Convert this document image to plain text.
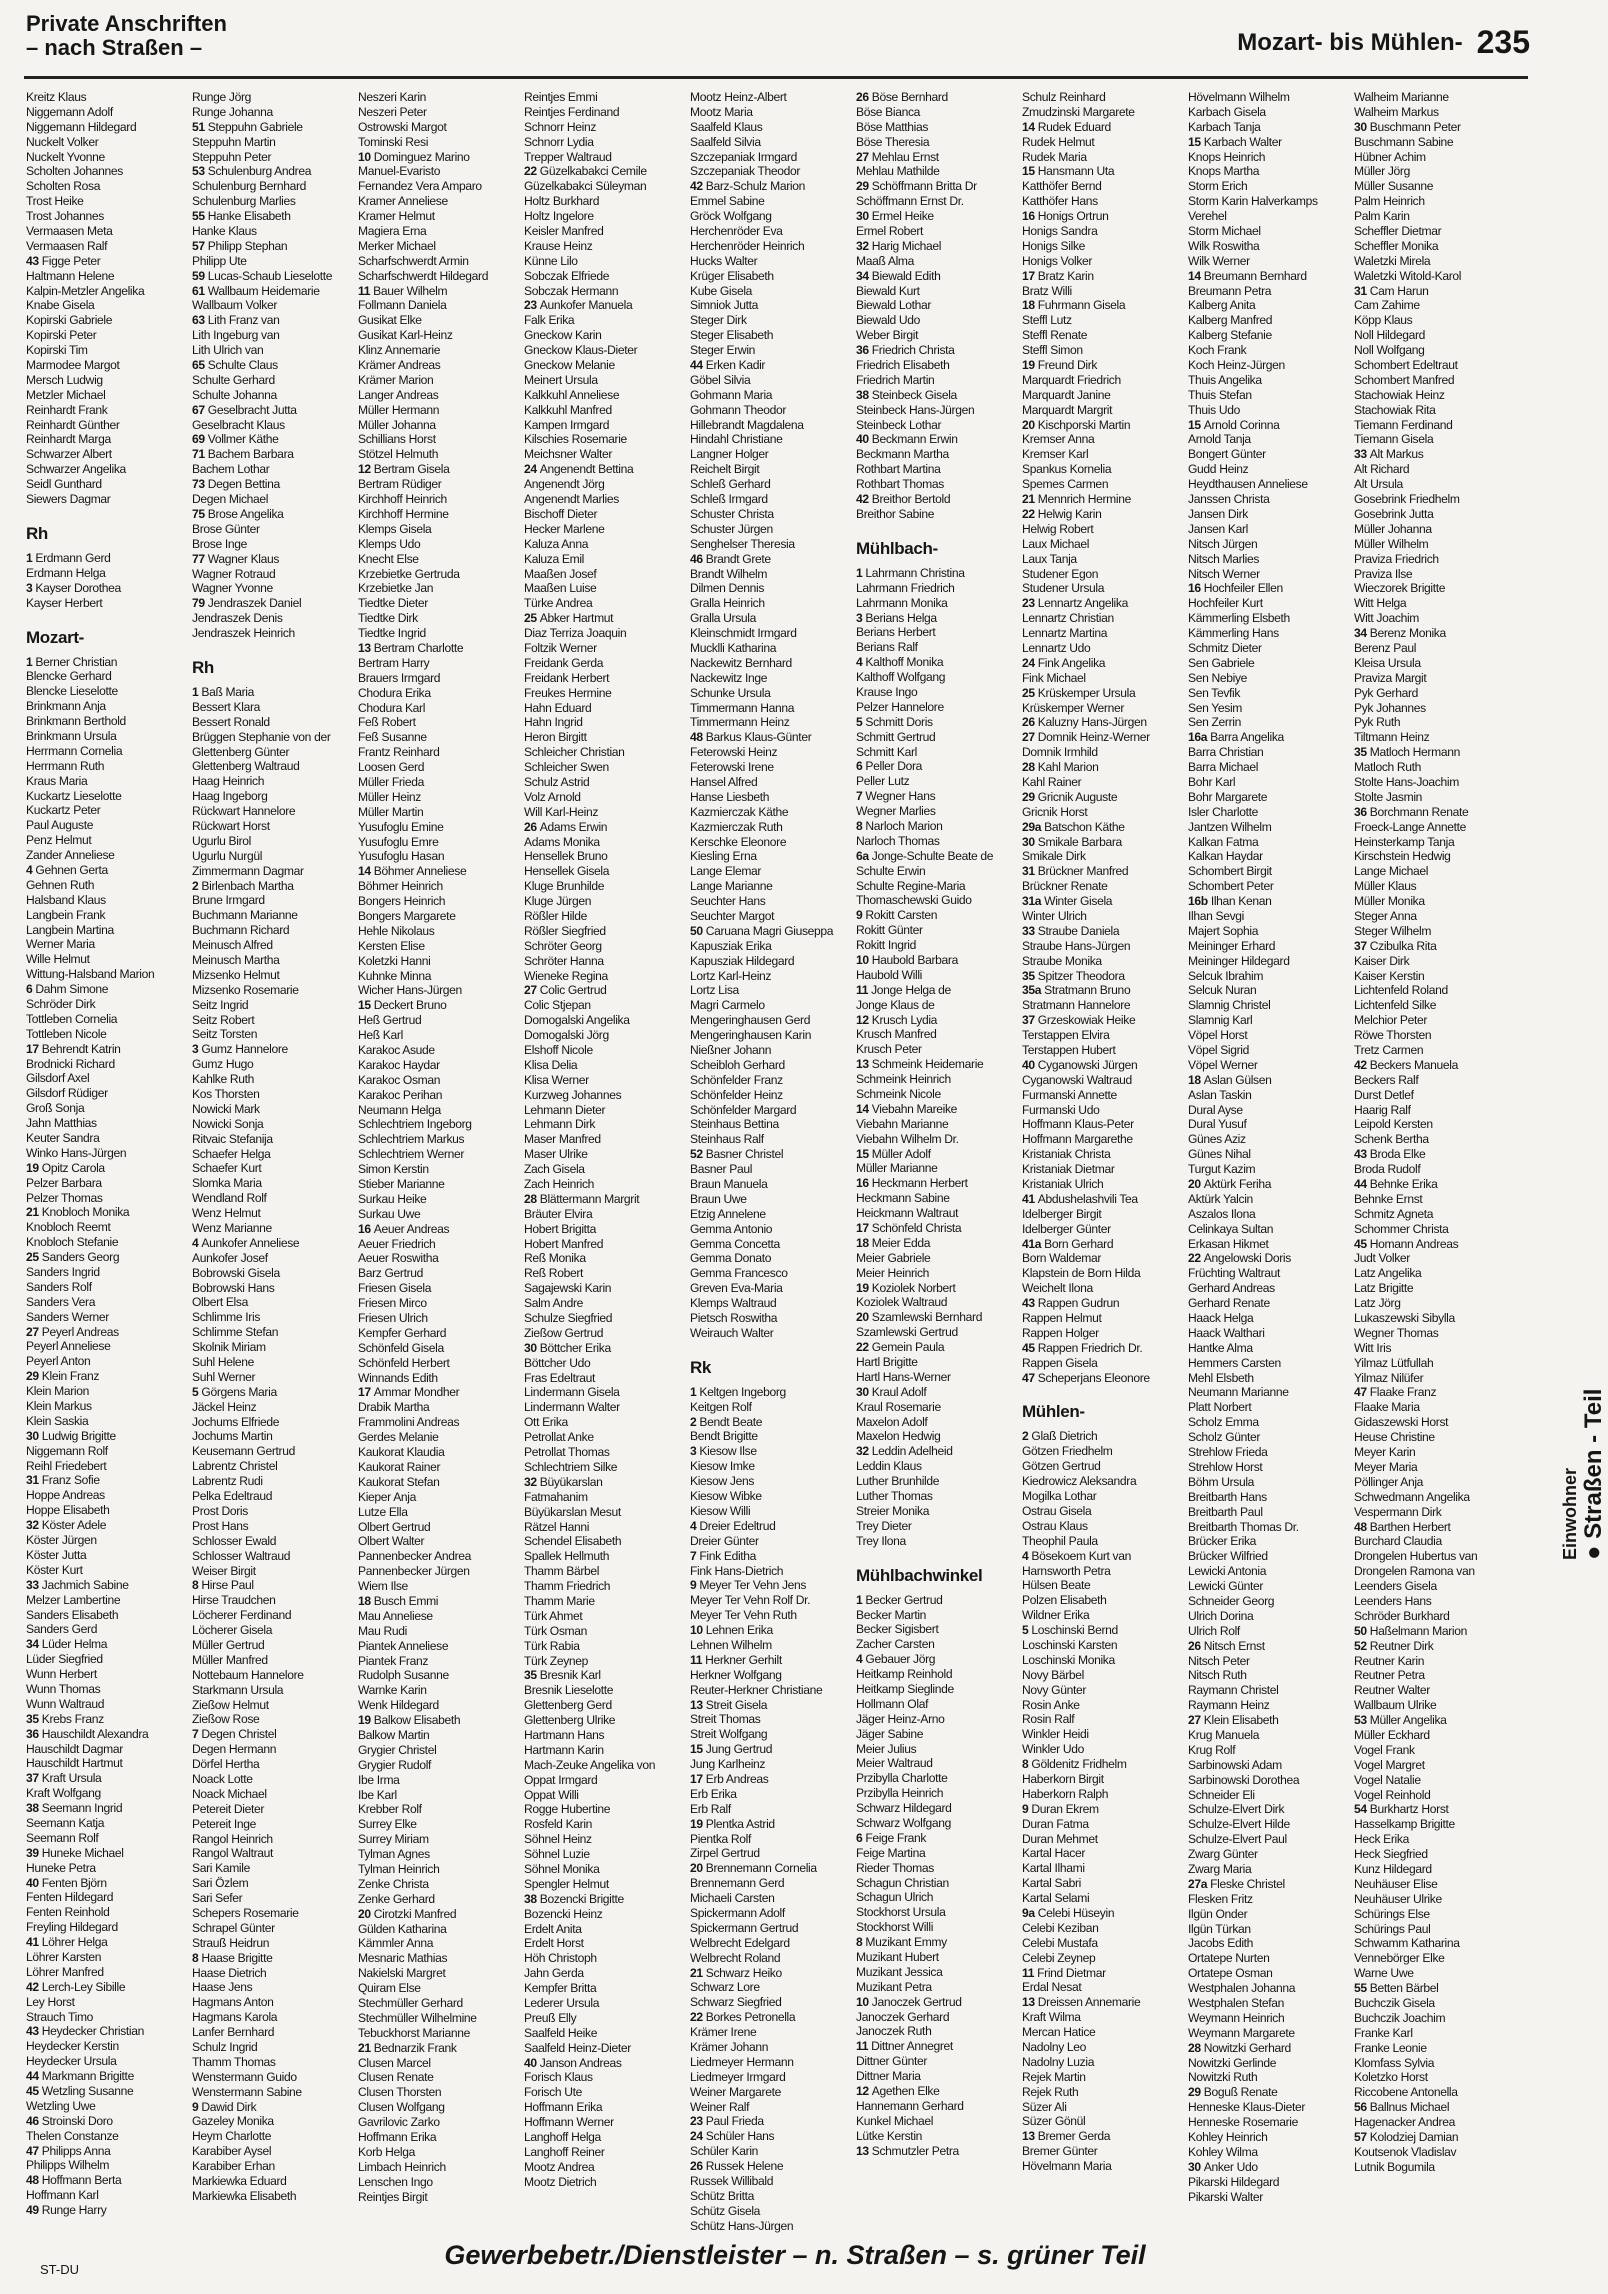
Private Anschriften
– nach Straßen –	Mozart- bis Mühlen- 235
Kreitz Klaus
Niggemann Adolf
Niggemann Hildegard
Nuckelt Volker
Nuckelt Yvonne
Scholten Johannes
Scholten Rosa
Trost Heike
Trost Johannes
Vermaasen Meta
Vermaasen Ralf
43 Figge Peter
Haltmann Helene
Kalpin-Metzler Angelika
Knabe Gisela
Kopirski Gabriele
Kopirski Peter
Kopirski Tim
Marmodee Margot
Mersch Ludwig
Metzler Michael
Reinhardt Frank
Reinhardt Günther
Reinhardt Marga
Schwarzer Albert
Schwarzer Angelika
Seidl Gunthard
Siewers Dagmar
Rh
1 Erdmann Gerd
Erdmann Helga
3 Kayser Dorothea
Kayser Herbert
Mozart-
1 Berner Christian
Blencke Gerhard
Blencke Lieselotte
Brinkmann Anja
Brinkmann Berthold
Brinkmann Ursula
Herrmann Cornelia
Herrmann Ruth
Kraus Maria
Kuckartz Lieselotte
Kuckartz Peter
Paul Auguste
Penz Helmut
Zander Anneliese
4 Gehnen Gerta
Gehnen Ruth
Halsband Klaus
Langbein Frank
Langbein Martina
Werner Maria
Wille Helmut
Wittung-Halsband Marion
6 Dahm Simone
Schröder Dirk
Tottleben Cornelia
Tottleben Nicole
17 Behrendt Katrin
Brodnicki Richard
Gilsdorf Axel
Gilsdorf Rüdiger
Groß Sonja
Jahn Matthias
Keuter Sandra
Winko Hans-Jürgen
19 Opitz Carola
Pelzer Barbara
Pelzer Thomas
21 Knobloch Monika
Knobloch Reemt
Knobloch Stefanie
25 Sanders Georg
Sanders Ingrid
Sanders Rolf
Sanders Vera
Sanders Werner
27 Peyerl Andreas
Peyerl Anneliese
Peyerl Anton
29 Klein Franz
Klein Marion
Klein Markus
Klein Saskia
30 Ludwig Brigitte
Niggemann Rolf
Reihl Friedebert
31 Franz Sofie
Hoppe Andreas
Hoppe Elisabeth
32 Köster Adele
Köster Jürgen
Köster Jutta
Köster Kurt
33 Jachmich Sabine
Melzer Lambertine
Sanders Elisabeth
Sanders Gerd
34 Lüder Helma
Lüder Siegfried
Wunn Herbert
Wunn Thomas
Wunn Waltraud
35 Krebs Franz
36 Hauschildt Alexandra
Hauschildt Dagmar
Hauschildt Hartmut
37 Kraft Ursula
Kraft Wolfgang
38 Seemann Ingrid
Seemann Katja
Seemann Rolf
39 Huneke Michael
Huneke Petra
40 Fenten Björn
Fenten Hildegard
Fenten Reinhold
Freyling Hildegard
41 Löhrer Helga
Löhrer Karsten
Löhrer Manfred
42 Lerch-Ley Sibille
Ley Horst
Strauch Timo
43 Heydecker Christian
Heydecker Kerstin
Heydecker Ursula
44 Markmann Brigitte
45 Wetzling Susanne
Wetzling Uwe
46 Stroinski Doro
Thelen Constanze
47 Philipps Anna
Philipps Wilhelm
48 Hoffmann Berta
Hoffmann Karl
49 Runge Harry
Runge Jörg
Runge Johanna
51 Steppuhn Gabriele
Steppuhn Martin
Steppuhn Peter
53 Schulenburg Andrea
Schulenburg Bernhard
Schulenburg Marlies
55 Hanke Elisabeth
Hanke Klaus
57 Philipp Stephan
Philipp Ute
59 Lucas-Schaub Lieselotte
61 Wallbaum Heidemarie
Wallbaum Volker
63 Lith Franz van
Lith Ingeburg van
Lith Ulrich van
65 Schulte Claus
Schulte Gerhard
Schulte Johanna
67 Geselbracht Jutta
Geselbracht Klaus
69 Vollmer Käthe
71 Bachem Barbara
Bachem Lothar
73 Degen Bettina
Degen Michael
75 Brose Angelika
Brose Günter
Brose Inge
77 Wagner Klaus
Wagner Rotraud
Wagner Yvonne
79 Jendraszek Daniel
Jendraszek Denis
Jendraszek Heinrich
Rh
1 Baß Maria
Bessert Klara
Bessert Ronald
Brüggen Stephanie von der
Glettenberg Günter
Glettenberg Waltraud
Haag Heinrich
Haag Ingeborg
Rückwart Hannelore
Rückwart Horst
Ugurlu Birol
Ugurlu Nurgül
Zimmermann Dagmar
2 Birlenbach Martha
Brune Irmgard
Buchmann Marianne
Buchmann Richard
Meinusch Alfred
Meinusch Martha
Mizsenko Helmut
Mizsenko Rosemarie
Seitz Ingrid
Seitz Robert
Seitz Torsten
3 Gumz Hannelore
Gumz Hugo
Kahlke Ruth
Kos Thorsten
Nowicki Mark
Nowicki Sonja
Ritvaic Stefanija
Schaefer Helga
Schaefer Kurt
Slomka Maria
Wendland Rolf
Wenz Helmut
Wenz Marianne
4 Aunkofer Anneliese
Aunkofer Josef
Bobrowski Gisela
Bobrowski Hans
Olbert Elsa
Schlimme Iris
Schlimme Stefan
Skolnik Miriam
Suhl Helene
Suhl Werner
5 Görgens Maria
Jäckel Heinz
Jochums Elfriede
Jochums Martin
Keusemann Gertrud
Labrentz Christel
Labrentz Rudi
Pelka Edeltraud
Prost Doris
Prost Hans
Schlosser Ewald
Schlosser Waltraud
Weiser Birgit
8 Hirse Paul
Hirse Traudchen
Löcherer Ferdinand
Löcherer Gisela
Müller Gertrud
Müller Manfred
Nottebaum Hannelore
Starkmann Ursula
Zießow Helmut
Zießow Rose
7 Degen Christel
Degen Hermann
Dörfel Hertha
Noack Lotte
Noack Michael
Petereit Dieter
Petereit Inge
Rangol Heinrich
Rangol Waltraut
Sari Kamile
Sari Özlem
Sari Sefer
Schepers Rosemarie
Schrapel Günter
Strauß Heidrun
8 Haase Brigitte
Haase Dietrich
Haase Jens
Hagmans Anton
Hagmans Karola
Lanfer Bernhard
Schulz Ingrid
Thamm Thomas
Wenstermann Guido
Wenstermann Sabine
9 Dawid Dirk
Gazeley Monika
Heym Charlotte
Karabiber Aysel
Karabiber Erhan
Markiewka Eduard
Markiewka Elisabeth
Neszeri Karin
Neszeri Peter
Ostrowski Margot
Tominski Resi
10 Dominguez Marino
Manuel-Evaristo
Fernandez Vera Amparo
Kramer Anneliese
Kramer Helmut
Magiera Erna
Merker Michael
Scharfschwerdt Armin
Scharfschwerdt Hildegard
11 Bauer Wilhelm
Follmann Daniela
Gusikat Elke
Gusikat Karl-Heinz
Klinz Annemarie
Krämer Andreas
Krämer Marion
Langer Andreas
Müller Hermann
Müller Johanna
Schillians Horst
Stötzel Helmuth
12 Bertram Gisela
Bertram Rüdiger
Kirchhoff Heinrich
Kirchhoff Hermine
Klemps Gisela
Klemps Udo
Knecht Else
Krzebietke Gertruda
Krzebietke Jan
Tiedtke Dieter
Tiedtke Dirk
Tiedtke Ingrid
13 Bertram Charlotte
Bertram Harry
Brauers Irmgard
Chodura Erika
Chodura Karl
Feß Robert
Feß Susanne
Frantz Reinhard
Loosen Gerd
Müller Frieda
Müller Heinz
Müller Martin
Yusufoglu Emine
Yusufoglu Emre
Yusufoglu Hasan
14 Böhmer Anneliese
Böhmer Heinrich
Bongers Heinrich
Bongers Margarete
Hehle Nikolaus
Kersten Elise
Koletzki Hanni
Kuhnke Minna
Wicher Hans-Jürgen
15 Deckert Bruno
Heß Gertrud
Heß Karl
Karakoc Asude
Karakoc Haydar
Karakoc Osman
Karakoc Perihan
Neumann Helga
Schlechtriem Ingeborg
Schlechtriem Markus
Schlechtriem Werner
Simon Kerstin
Stieber Marianne
Surkau Heike
Surkau Uwe
16 Aeuer Andreas
Aeuer Friedrich
Aeuer Roswitha
Barz Gertrud
Friesen Gisela
Friesen Mirco
Friesen Ulrich
Kempfer Gerhard
Schönfeld Gisela
Schönfeld Herbert
Winnands Edith
17 Ammar Mondher
Drabik Martha
Frammolini Andreas
Gerdes Melanie
Kaukorat Klaudia
Kaukorat Rainer
Kaukorat Stefan
Kieper Anja
Lutze Ella
Olbert Gertrud
Olbert Walter
Pannenbecker Andrea
Pannenbecker Jürgen
Wiem Ilse
18 Busch Emmi
Mau Anneliese
Mau Rudi
Piantek Anneliese
Piantek Franz
Rudolph Susanne
Warnke Karin
Wenk Hildegard
19 Balkow Elisabeth
Balkow Martin
Grygier Christel
Grygier Rudolf
Ibe Irma
Ibe Karl
Krebber Rolf
Surrey Elke
Surrey Miriam
Tylman Agnes
Tylman Heinrich
Zenke Christa
Zenke Gerhard
20 Cirotzki Manfred
Gülden Katharina
Kämmler Anna
Mesnaric Mathias
Nakielski Margret
Quiram Else
Stechmüller Gerhard
Stechmüller Wilhelmine
Tebuckhorst Marianne
21 Bednarzik Frank
Clusen Marcel
Clusen Renate
Clusen Thorsten
Clusen Wolfgang
Gavrilovic Zarko
Hoffmann Erika
Korb Helga
Limbach Heinrich
Lenschen Ingo
Reintjes Birgit
Reintjes Emmi
Reintjes Ferdinand
Schnorr Heinz
Schnorr Lydia
Trepper Waltraud
22 Güzelkabakci Cemile
Güzelkabakci Süleyman
Holtz Burkhard
Holtz Ingelore
Keisler Manfred
Krause Heinz
Künne Lilo
Sobczak Elfriede
Sobczak Hermann
23 Aunkofer Manuela
Falk Erika
Gneckow Karin
Gneckow Klaus-Dieter
Gneckow Melanie
Meinert Ursula
Kalkkuhl Anneliese
Kalkkuhl Manfred
Kampen Irmgard
Kilschies Rosemarie
Meichsner Walter
24 Angenendt Bettina
Angenendt Jörg
Angenendt Marlies
Bischoff Dieter
Hecker Marlene
Kaluza Anna
Kaluza Emil
Maaßen Josef
Maaßen Luise
Türke Andrea
25 Abker Hartmut
Diaz Terriza Joaquin
Foltzik Werner
Freidank Gerda
Freidank Herbert
Freukes Hermine
Hahn Eduard
Hahn Ingrid
Heron Birgitt
Schleicher Christian
Schleicher Swen
Schulz Astrid
Volz Arnold
Will Karl-Heinz
26 Adams Erwin
Adams Monika
Hensellek Bruno
Hensellek Gisela
Kluge Brunhilde
Kluge Jürgen
Rößler Hilde
Rößler Siegfried
Schröter Georg
Schröter Hanna
Wieneke Regina
27 Colic Gertrud
Colic Stjepan
Domogalski Angelika
Domogalski Jörg
Elshoff Nicole
Klisa Delia
Klisa Werner
Kurzweg Johannes
Lehmann Dieter
Lehmann Dirk
Maser Manfred
Maser Ulrike
Zach Gisela
Zach Heinrich
28 Blättermann Margrit
Bräuter Elvira
Hobert Brigitta
Hobert Manfred
Reß Monika
Reß Robert
Sagajewski Karin
Salm Andre
Schulze Siegfried
Zießow Gertrud
30 Böttcher Erika
Böttcher Udo
Fras Edeltraut
Lindermann Gisela
Lindermann Walter
Ott Erika
Petrollat Anke
Petrollat Thomas
Schlechtriem Silke
32 Büyükarslan
Fatmahanim
Büyükarslan Mesut
Rätzel Hanni
Schendel Elisabeth
Spallek Hellmuth
Thamm Bärbel
Thamm Friedrich
Thamm Marie
Türk Ahmet
Türk Osman
Türk Rabia
Türk Zeynep
35 Bresnik Karl
Bresnik Lieselotte
Glettenberg Gerd
Glettenberg Ulrike
Hartmann Hans
Hartmann Karin
Mach-Zeuke Angelika von
Oppat Irmgard
Oppat Willi
Rogge Hubertine
Rosfeld Karin
Söhnel Heinz
Söhnel Luzie
Söhnel Monika
Spengler Helmut
38 Bozencki Brigitte
Bozencki Heinz
Erdelt Anita
Erdelt Horst
Höh Christoph
Jahn Gerda
Kempfer Britta
Lederer Ursula
Preuß Elly
Saalfeld Heike
Saalfeld Heinz-Dieter
40 Janson Andreas
Forisch Klaus
Forisch Ute
Hoffmann Erika
Hoffmann Werner
Langhoff Helga
Langhoff Reiner
Mootz Andrea
Mootz Dietrich
Mootz Heinz-Albert
Mootz Maria
Saalfeld Klaus
Saalfeld Silvia
Szczepaniak Irmgard
Szczepaniak Theodor
42 Barz-Schulz Marion
Emmel Sabine
Gröck Wolfgang
Herchenröder Eva
Herchenröder Heinrich
Hucks Walter
Krüger Elisabeth
Kube Gisela
Simniok Jutta
Steger Dirk
Steger Elisabeth
Steger Erwin
44 Erken Kadir
Göbel Silvia
Gohmann Maria
Gohmann Theodor
Hillebrandt Magdalena
Hindahl Christiane
Langner Holger
Reichelt Birgit
Schleß Gerhard
Schleß Irmgard
Schuster Christa
Schuster Jürgen
Senghelser Theresia
46 Brandt Grete
Brandt Wilhelm
Dilmen Dennis
Gralla Heinrich
Gralla Ursula
Kleinschmidt Irmgard
Mucklli Katharina
Nackewitz Bernhard
Nackewitz Inge
Schunke Ursula
Timmermann Hanna
Timmermann Heinz
48 Barkus Klaus-Günter
Feterowski Heinz
Feterowski Irene
Hansel Alfred
Hanse Liesbeth
Kazmierczak Käthe
Kazmierczak Ruth
Kerschke Eleonore
Kiesling Erna
Lange Elemar
Lange Marianne
Seuchter Hans
Seuchter Margot
50 Caruana Magri Giuseppa
Kapusziak Erika
Kapusziak Hildegard
Lortz Karl-Heinz
Lortz Lisa
Magri Carmelo
Mengeringhausen Gerd
Mengeringhausen Karin
Nießner Johann
Scheibloh Gerhard
Schönfelder Franz
Schönfelder Heinz
Schönfelder Margard
Steinhaus Bettina
Steinhaus Ralf
52 Basner Christel
Basner Paul
Braun Manuela
Braun Uwe
Etzig Annelene
Gemma Antonio
Gemma Concetta
Gemma Donato
Gemma Francesco
Greven Eva-Maria
Klemps Waltraud
Pietsch Roswitha
Weirauch Walter
Rk
1 Keltgen Ingeborg
Keitgen Rolf
2 Bendt Beate
Bendt Brigitte
3 Kiesow Ilse
Kiesow Imke
Kiesow Jens
Kiesow Wibke
Kiesow Willi
4 Dreier Edeltrud
Dreier Günter
7 Fink Editha
Fink Hans-Dietrich
9 Meyer Ter Vehn Jens
Meyer Ter Vehn Rolf Dr.
Meyer Ter Vehn Ruth
10 Lehnen Erika
Lehnen Wilhelm
11 Herkner Gerhilt
Herkner Wolfgang
Reuter-Herkner Christiane
13 Streit Gisela
Streit Thomas
Streit Wolfgang
15 Jung Gertrud
Jung Karlheinz
17 Erb Andreas
Erb Erika
Erb Ralf
19 Plentka Astrid
Pientka Rolf
Zirpel Gertrud
20 Brennemann Cornelia
Brennemann Gerd
Michaeli Carsten
Spickermann Adolf
Spickermann Gertrud
Welbrecht Edelgard
Welbrecht Roland
21 Schwarz Heiko
Schwarz Lore
Schwarz Siegfried
22 Borkes Petronella
Krämer Irene
Krämer Johann
Liedmeyer Hermann
Liedmeyer Irmgard
Weiner Margarete
Weiner Ralf
23 Paul Frieda
24 Schüler Hans
Schüler Karin
26 Russek Helene
Russek Willibald
Schütz Britta
Schütz Gisela
Schütz Hans-Jürgen
26 Böse Bernhard
Böse Bianca
Böse Matthias
Böse Theresia
27 Mehlau Ernst
Mehlau Mathilde
29 Schöffmann Britta Dr
Schöffmann Ernst Dr.
30 Ermel Heike
Ermel Robert
32 Harig Michael
Maaß Alma
34 Biewald Edith
Biewald Kurt
Biewald Lothar
Biewald Udo
Weber Birgit
36 Friedrich Christa
Friedrich Elisabeth
Friedrich Martin
38 Steinbeck Gisela
Steinbeck Hans-Jürgen
Steinbeck Lothar
40 Beckmann Erwin
Beckmann Martha
Rothbart Martina
Rothbart Thomas
42 Breithor Bertold
Breithor Sabine
Mühlbach-
1 Lahrmann Christina
Lahrmann Friedrich
Lahrmann Monika
3 Berians Helga
Berians Herbert
Berians Ralf
4 Kalthoff Monika
Kalthoff Wolfgang
Krause Ingo
Pelzer Hannelore
5 Schmitt Doris
Schmitt Gertrud
Schmitt Karl
6 Peller Dora
Peller Lutz
7 Wegner Hans
Wegner Marlies
8 Narloch Marion
Narloch Thomas
6a Jonge-Schulte Beate de
Schulte Erwin
Schulte Regine-Maria
Thomaschewski Guido
9 Rokitt Carsten
Rokitt Günter
Rokitt Ingrid
10 Haubold Barbara
Haubold Willi
11 Jonge Helga de
Jonge Klaus de
12 Krusch Lydia
Krusch Manfred
Krusch Peter
13 Schmeink Heidemarie
Schmeink Heinrich
Schmeink Nicole
14 Viebahn Mareike
Viebahn Marianne
Viebahn Wilhelm Dr.
15 Müller Adolf
Müller Marianne
16 Heckmann Herbert
Heckmann Sabine
Heickmann Waltraut
17 Schönfeld Christa
18 Meier Edda
Meier Gabriele
Meier Heinrich
19 Koziolek Norbert
Koziolek Waltraud
20 Szamlewski Bernhard
Szamlewski Gertrud
22 Gemein Paula
Hartl Brigitte
Hartl Hans-Werner
30 Kraul Adolf
Kraul Rosemarie
Maxelon Adolf
Maxelon Hedwig
32 Leddin Adelheid
Leddin Klaus
Luther Brunhilde
Luther Thomas
Streier Monika
Trey Dieter
Trey Ilona
Mühlbachwinkel
1 Becker Gertrud
Becker Martin
Becker Sigisbert
Zacher Carsten
4 Gebauer Jörg
Heitkamp Reinhold
Heitkamp Sieglinde
Hollmann Olaf
Jäger Heinz-Arno
Jäger Sabine
Meier Julius
Meier Waltraud
Przibylla Charlotte
Przibylla Heinrich
Schwarz Hildegard
Schwarz Wolfgang
6 Feige Frank
Feige Martina
Rieder Thomas
Schagun Christian
Schagun Ulrich
Stockhorst Ursula
Stockhorst Willi
8 Muzikant Emmy
Muzikant Hubert
Muzikant Jessica
Muzikant Petra
10 Janoczek Gertrud
Janoczek Gerhard
Janoczek Ruth
11 Dittner Annegret
Dittner Günter
Dittner Maria
12 Agethen Elke
Hannemann Gerhard
Kunkel Michael
Lütke Kerstin
13 Schmutzler Petra
Schulz Reinhard
Zmudzinski Margarete
14 Rudek Eduard
Rudek Helmut
Rudek Maria
15 Hansmann Uta
Katthöfer Bernd
Katthöfer Hans
16 Honigs Ortrun
Honigs Sandra
Honigs Silke
Honigs Volker
17 Bratz Karin
Bratz Willi
18 Fuhrmann Gisela
Steffl Lutz
Steffl Renate
Steffl Simon
19 Freund Dirk
Marquardt Friedrich
Marquardt Janine
Marquardt Margrit
20 Kischporski Martin
Kremser Anna
Kremser Karl
Spankus Kornelia
Spemes Carmen
21 Mennrich Hermine
22 Helwig Karin
Helwig Robert
Laux Michael
Laux Tanja
Studener Egon
Studener Ursula
23 Lennartz Angelika
Lennartz Christian
Lennartz Martina
Lennartz Udo
24 Fink Angelika
Fink Michael
25 Krüskemper Ursula
Krüskemper Werner
26 Kaluzny Hans-Jürgen
27 Domnik Heinz-Werner
Domnik Irmhild
28 Kahl Marion
Kahl Rainer
29 Gricnik Auguste
Gricnik Horst
29a Batschon Käthe
30 Smikale Barbara
Smikale Dirk
31 Brückner Manfred
Brückner Renate
31a Winter Gisela
Winter Ulrich
33 Straube Daniela
Straube Hans-Jürgen
Straube Monika
35 Spitzer Theodora
35a Stratmann Bruno
Stratmann Hannelore
37 Grzeskowiak Heike
Terstappen Elvira
Terstappen Hubert
40 Cyganowski Jürgen
Cyganowski Waltraud
Furmanski Annette
Furmanski Udo
Hoffmann Klaus-Peter
Hoffmann Margarethe
Kristaniak Christa
Kristaniak Dietmar
Kristaniak Ulrich
41 Abdushelashvili Tea
Idelberger Birgit
Idelberger Günter
41a Born Gerhard
Born Waldemar
Klapstein de Born Hilda
Weichelt Ilona
43 Rappen Gudrun
Rappen Helmut
Rappen Holger
45 Rappen Friedrich Dr.
Rappen Gisela
47 Scheperjans Eleonore
Mühlen-
2 Glaß Dietrich
Götzen Friedhelm
Götzen Gertrud
Kiedrowicz Aleksandra
Mogilka Lothar
Ostrau Gisela
Ostrau Klaus
Theophil Paula
4 Bösekoem Kurt van
Harnsworth Petra
Hülsen Beate
Polzen Elisabeth
Wildner Erika
5 Loschinski Bernd
Loschinski Karsten
Loschinski Monika
Novy Bärbel
Novy Günter
Rosin Anke
Rosin Ralf
Winkler Heidi
Winkler Udo
8 Göldenitz Fridhelm
Haberkorn Birgit
Haberkorn Ralph
9 Duran Ekrem
Duran Fatma
Duran Mehmet
Kartal Hacer
Kartal Ilhami
Kartal Sabri
Kartal Selami
9a Celebi Hüseyin
Celebi Keziban
Celebi Mustafa
Celebi Zeynep
11 Frind Dietmar
Erdal Nesat
13 Dreissen Annemarie
Kraft Wilma
Mercan Hatice
Nadolny Leo
Nadolny Luzia
Rejek Martin
Rejek Ruth
Süzer Ali
Süzer Gönül
13 Bremer Gerda
Bremer Günter
Hövelmann Maria
Hövelmann Wilhelm
Karbach Gisela
Karbach Tanja
15 Karbach Walter
Knops Heinrich
Knops Martha
Storm Erich
Storm Karin Halverkamps
Verehel
Storm Michael
Wilk Roswitha
Wilk Werner
14 Breumann Bernhard
Breumann Petra
Kalberg Anita
Kalberg Manfred
Kalberg Stefanie
Koch Frank
Koch Heinz-Jürgen
Thuis Angelika
Thuis Stefan
Thuis Udo
15 Arnold Corinna
Arnold Tanja
Bongert Günter
Gudd Heinz
Heydthausen Anneliese
Janssen Christa
Jansen Dirk
Jansen Karl
Nitsch Jürgen
Nitsch Marlies
Nitsch Werner
16 Hochfeiler Ellen
Hochfeiler Kurt
Kämmerling Elsbeth
Kämmerling Hans
Schmitz Dieter
Sen Gabriele
Sen Nebiye
Sen Tevfik
Sen Yesim
Sen Zerrin
16a Barra Angelika
Barra Christian
Barra Michael
Bohr Karl
Bohr Margarete
Isler Charlotte
Jantzen Wilhelm
Kalkan Fatma
Kalkan Haydar
Schombert Birgit
Schombert Peter
16b Ilhan Kenan
Ilhan Sevgi
Majert Sophia
Meininger Erhard
Meininger Hildegard
Selcuk Ibrahim
Selcuk Nuran
Slamnig Christel
Slamnig Karl
Vöpel Horst
Vöpel Sigrid
Vöpel Werner
18 Aslan Gülsen
Aslan Taskin
Dural Ayse
Dural Yusuf
Günes Aziz
Günes Nihal
Turgut Kazim
20 Aktürk Feriha
Aktürk Yalcin
Aszalos Ilona
Celinkaya Sultan
Erkasan Hikmet
22 Angelowski Doris
Früchting Waltraut
Gerhard Andreas
Gerhard Renate
Haack Helga
Haack Walthari
Hantke Alma
Hemmers Carsten
Mehl Elsbeth
Neumann Marianne
Platt Norbert
Scholz Emma
Scholz Günter
Strehlow Frieda
Strehlow Horst
Böhm Ursula
Breitbarth Hans
Breitbarth Paul
Breitbarth Thomas Dr.
Brücker Erika
Brücker Wilfried
Lewicki Antonia
Lewicki Günter
Schneider Georg
Ulrich Dorina
Ulrich Rolf
26 Nitsch Ernst
Nitsch Peter
Nitsch Ruth
Raymann Christel
Raymann Heinz
27 Klein Elisabeth
Krug Manuela
Krug Rolf
Sarbinowski Adam
Sarbinowski Dorothea
Schneider Eli
Schulze-Elvert Dirk
Schulze-Elvert Hilde
Schulze-Elvert Paul
Zwarg Günter
Zwarg Maria
27a Fleske Christel
Flesken Fritz
Ilgün Onder
Ilgün Türkan
Jacobs Edith
Ortatepe Nurten
Ortatepe Osman
Westphalen Johanna
Westphalen Stefan
Weymann Heinrich
Weymann Margarete
28 Nowitzki Gerhard
Nowitzki Gerlinde
Nowitzki Ruth
29 Boguß Renate
Henneske Klaus-Dieter
Henneske Rosemarie
Kohley Heinrich
Kohley Wilma
30 Anker Udo
Pikarski Hildegard
Pikarski Walter
Walheim Marianne
Walheim Markus
30 Buschmann Peter
Buschmann Sabine
Hübner Achim
Müller Jörg
Müller Susanne
Palm Heinrich
Palm Karin
Scheffler Dietmar
Scheffler Monika
Waletzki Mirela
Waletzki Witold-Karol
31 Cam Harun
Cam Zahime
Köpp Klaus
Noll Hildegard
Noll Wolfgang
Schombert Edeltraut
Schombert Manfred
Stachowiak Heinz
Stachowiak Rita
Tiemann Ferdinand
Tiemann Gisela
33 Alt Markus
Alt Richard
Alt Ursula
Gosebrink Friedhelm
Gosebrink Jutta
Müller Johanna
Müller Wilhelm
Praviza Friedrich
Praviza Ilse
Wieczorek Brigitte
Witt Helga
Witt Joachim
34 Berenz Monika
Berenz Paul
Kleisa Ursula
Praviza Margit
Pyk Gerhard
Pyk Johannes
Pyk Ruth
Tiltmann Heinz
35 Matloch Hermann
Matloch Ruth
Stolte Hans-Joachim
Stolte Jasmin
36 Borchmann Renate
Froeck-Lange Annette
Heinsterkamp Tanja
Kirschstein Hedwig
Lange Michael
Müller Klaus
Müller Monika
Steger Anna
Steger Wilhelm
37 Czibulka Rita
Kaiser Dirk
Kaiser Kerstin
Lichtenfeld Roland
Lichtenfeld Silke
Melchior Peter
Röwe Thorsten
Tretz Carmen
42 Beckers Manuela
Beckers Ralf
Durst Detlef
Haarig Ralf
Leipold Kersten
Schenk Bertha
43 Broda Elke
Broda Rudolf
44 Behnke Erika
Behnke Ernst
Schmitz Agneta
Schommer Christa
45 Homann Andreas
Judt Volker
Latz Angelika
Latz Brigitte
Latz Jörg
Lukaszewski Sibylla
Wegner Thomas
Witt Iris
Yilmaz Lütfullah
Yilmaz Nilüfer
47 Flaake Franz
Flaake Maria
Gidaszewski Horst
Heuse Christine
Meyer Karin
Meyer Maria
Pöllinger Anja
Schwedmann Angelika
Vespermann Dirk
48 Barthen Herbert
Burchard Claudia
Drongelen Hubertus van
Drongelen Ramona van
Leenders Gisela
Leenders Hans
Schröder Burkhard
50 Haßelmann Marion
52 Reutner Dirk
Reutner Karin
Reutner Petra
Reutner Walter
Wallbaum Ulrike
53 Müller Angelika
Müller Eckhard
Vogel Frank
Vogel Margret
Vogel Natalie
Vogel Reinhold
54 Burkhartz Horst
Hasselkamp Brigitte
Heck Erika
Heck Siegfried
Kunz Hildegard
Neuhäuser Elise
Neuhäuser Ulrike
Schürings Else
Schürings Paul
Schwamm Katharina
Vennebörger Elke
Warne Uwe
55 Betten Bärbel
Buchczik Gisela
Buchczik Joachim
Franke Karl
Franke Leonie
Klomfass Sylvia
Koletzko Horst
Riccobene Antonella
56 Ballnus Michael
Hagenacker Andrea
57 Kolodziej Damian
Koutsenok Vladislav
Lutnik Bogumila
Einwohner ● Straßen - Teil
ST-DU	Gewerbebetr./Dienstleister – n. Straßen – s. grüner Teil
